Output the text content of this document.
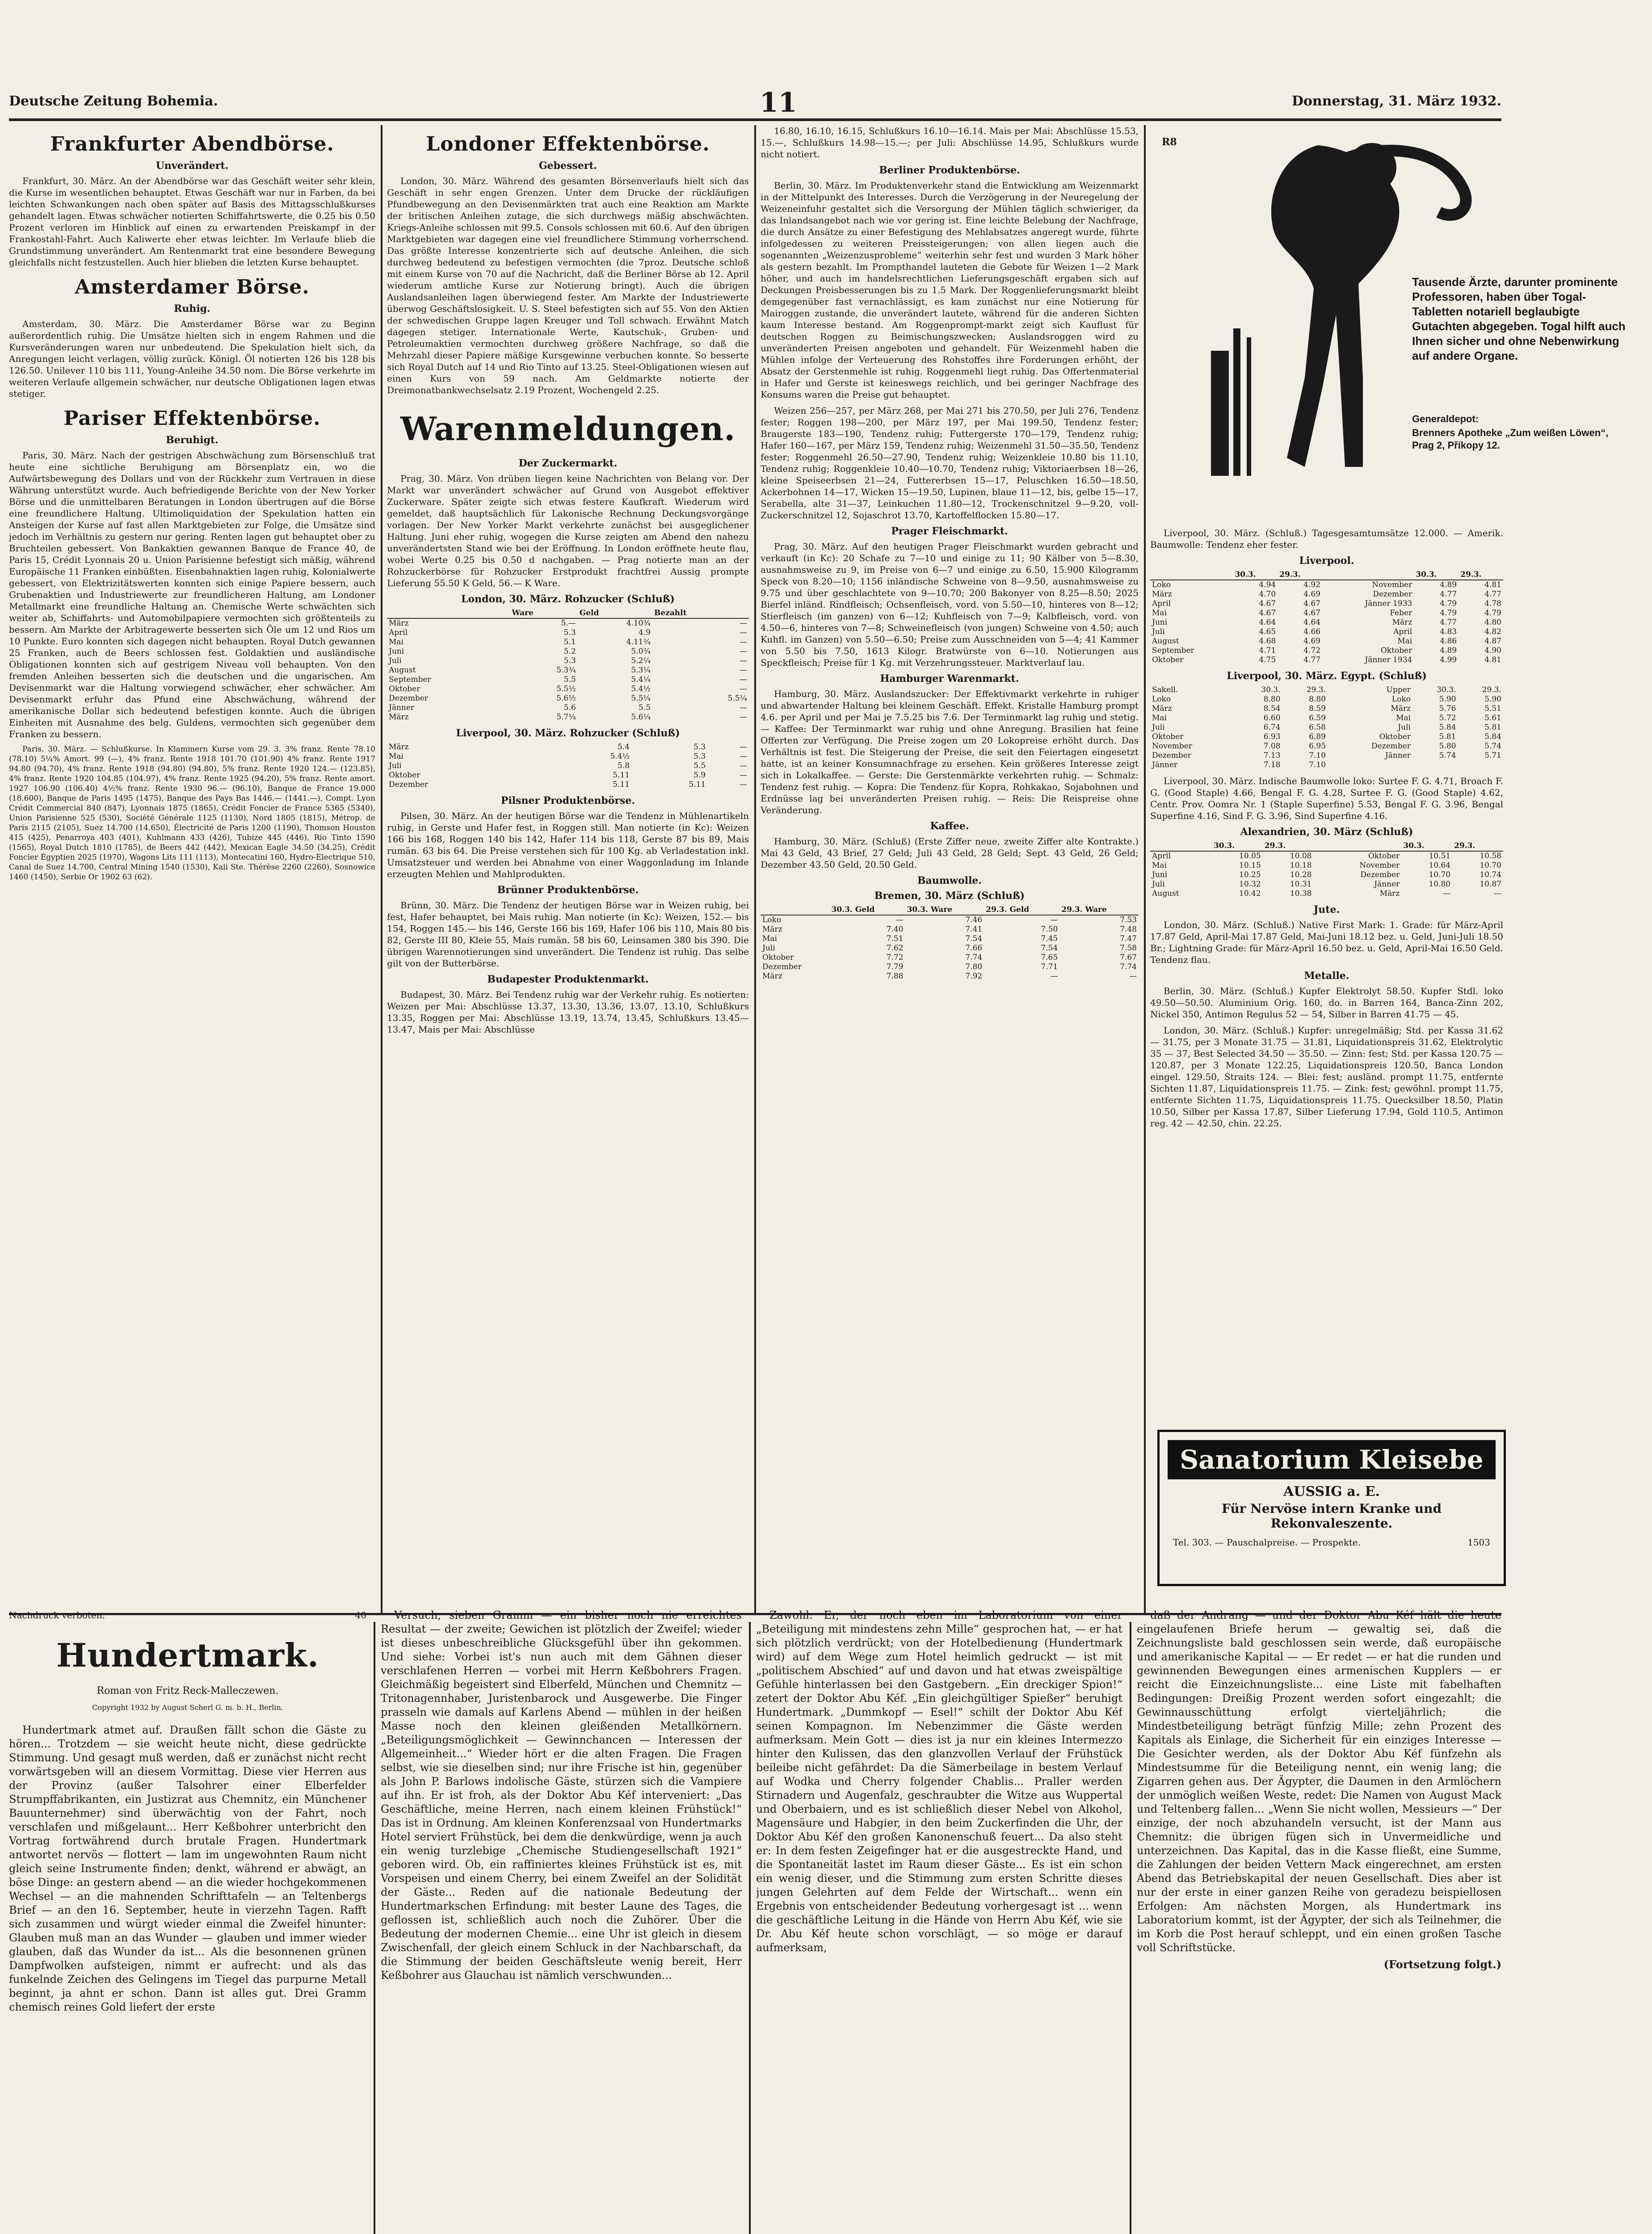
Deutsche Zeitung Bohemia.	11	Donnerstag, 31. März 1932.
Frankfurter Abendbörse.
Unverändert.

Frankfurt, 30. März. An der Abendbörse war das Geschäft weiter sehr klein, die Kurse im wesentlichen behauptet. Etwas Geschäft war nur in Farben, da bei leichten Schwankungen nach oben später auf Basis des Mittagsschlußkurses gehandelt lagen. Etwas schwächer notierten Schiffahrtswerte, die 0.25 bis 0.50 Prozent verloren im Hinblick auf einen zu erwartenden Preiskampf in der Frankostahl-Fahrt. Auch Kaliwerte eher etwas leichter. Im Verlaufe blieb die Grundstimmung unverändert. Am Rentenmarkt trat eine besondere Bewegung gleichfalls nicht festzustellen. Auch hier blieben die letzten Kurse behauptet.

Amsterdamer Börse.
Ruhig.

Amsterdam, 30. März. Die Amsterdamer Börse war zu Beginn außerordentlich ruhig. Die Umsätze hielten sich in engem Rahmen und die Kursveränderungen waren nur unbedeutend. Die Spekulation hielt sich, da Anregungen leicht verlagen, völlig zurück. Königl. Öl notierten 126 bis 128 bis 126.50. Unilever 110 bis 111, Young-Anleihe 34.50 nom. Die Börse verkehrte im weiteren Verlaufe allgemein schwächer, nur deutsche Obligationen lagen etwas stetiger.

Pariser Effektenbörse.
Beruhigt.

Paris, 30. März. Nach der gestrigen Abschwächung zum Börsenschluß trat heute eine sichtliche Beruhigung am Börsenplatz ein, wo die Aufwärtsbewegung des Dollars und von der Rückkehr zum Vertrauen in diese Währung unterstützt wurde. Auch befriedigende Berichte von der New Yorker Börse und die unmittelbaren Beratungen in London übertrugen auf die Börse eine freundlichere Haltung. Ultimoliquidation der Spekulation hatten ein Ansteigen der Kurse auf fast allen Marktgebieten zur Folge, die Umsätze sind jedoch im Verhältnis zu gestern nur gering. Renten lagen gut behauptet ober zu Bruchteilen gebessert. Von Bankaktien gewannen Banque de France 40, de Paris 15, Crédit Lyonnais 20 u. Union Parisienne befestigt sich mäßig, während Europäische 11 Franken einbüßten. Eisenbahnaktien lagen ruhig, Kolonialwerte gebessert, von Elektrizitätswerten konnten sich einige Papiere bessern, auch Grubenaktien und Industriewerte zur freundlicheren Haltung, am Londoner Metallmarkt eine freundliche Haltung an. Chemische Werte schwächten sich weiter ab, Schiffahrts- und Automobilpapiere vermochten sich größtenteils zu bessern. Am Markte der Arbitragewerte besserten sich Öle um 12 und Rios um 10 Punkte. Euro konnten sich dagegen nicht behaupten. Royal Dutch gewannen 25 Franken, auch de Beers schlossen fest. Goldaktien und ausländische Obligationen konnten sich auf gestrigem Niveau voll behaupten. Von den fremden Anleihen besserten sich die deutschen und die ungarischen. Am Devisenmarkt war die Haltung vorwiegend schwächer, eher schwächer. Am Devisenmarkt erfuhr das Pfund eine Abschwächung, während der amerikanische Dollar sich bedeutend befestigen konnte. Auch die übrigen Einheiten mit Ausnahme des belg. Guldens, vermochten sich gegenüber dem Franken zu bessern.

Paris, 30. März. — Schlußkurse. In Klammern Kurse vom 29. 3. 3% franz. Rente 78.10 (78.10) 5¼% Amort. 99 (—), 4% franz. Rente 1918 101.70 (101.90) 4% franz. Rente 1917 94.80 (94.70), 4% franz. Rente 1918 (94.80) (94.80), 5% franz. Rente 1920 124.— (123.85), 4% franz. Rente 1920 104.85 (104.97), 4% franz. Rente 1925 (94.20), 5% franz. Rente amort. 1927 106.90 (106.40) 4½% franz. Rente 1930 96.— (96.10), Banque de France 19.000 (18.600), Banque de Paris 1495 (1475), Banque des Pays Bas 1446.— (1441.—), Compt. Lyon Crédit Commercial 840 (847), Lyonnais 1875 (1865), Crédit Foncier de France 5365 (5340), Union Parisienne 525 (530), Société Générale 1125 (1130), Nord 1805 (1815), Métrop. de Paris 2115 (2105), Suez 14.700 (14.650), Électricité de Paris 1200 (1190), Thomson Houston 415 (425), Penarroya 403 (401), Kuhlmann 433 (426), Tubize 445 (446), Rio Tinto 1590 (1565), Royal Dutch 1810 (1785), de Beers 442 (442), Mexican Eagle 34.50 (34.25), Crédit Foncier Égyptien 2025 (1970), Wagons Lits 111 (113), Montecatini 160, Hydro-Electrique 510, Canal de Suez 14.700, Central Mining 1540 (1530), Kali Ste. Thérèse 2260 (2260), Sosnowice 1460 (1450), Serbie Or 1902 63 (62).

Londoner Effektenbörse.
Gebessert.

London, 30. März. Während des gesamten Börsenverlaufs hielt sich das Geschäft in sehr engen Grenzen. Unter dem Drucke der rückläufigen Pfundbewegung an den Devisenmärkten trat auch eine Reaktion am Markte der britischen Anleihen zutage, die sich durchwegs mäßig abschwächten. Kriegs-Anleihe schlossen mit 99.5. Consols schlossen mit 60.6. Auf den übrigen Marktgebieten war dagegen eine viel freundlichere Stimmung vorherrschend. Das größte Interesse konzentrierte sich auf deutsche Anleihen, die sich durchweg bedeutend zu befestigen vermochten (die 7proz. Deutsche schloß mit einem Kurse von 70 auf die Nachricht, daß die Berliner Börse ab 12. April wiederum amtliche Kurse zur Notierung bringt). Auch die übrigen Auslandsanleihen lagen überwiegend fester. Am Markte der Industriewerte überwog Geschäftslosigkeit. U. S. Steel befestigten sich auf 55. Von den Aktien der schwedischen Gruppe lagen Kreuger und Toll schwach. Erwähnt Match dagegen stetiger. Internationale Werte, Kautschuk-, Gruben- und Petroleumaktien vermochten durchweg größere Nachfrage, so daß die Mehrzahl dieser Papiere mäßige Kursgewinne verbuchen konnte. So besserte sich Royal Dutch auf 14 und Rio Tinto auf 13.25. Steel-Obligationen wiesen auf einen Kurs von 59 nach. Am Geldmarkte notierte der Dreimonatbankwechselsatz 2.19 Prozent, Wochengeld 2.25.

Warenmeldungen.
Der Zuckermarkt.

Prag, 30. März. Von drüben liegen keine Nachrichten von Belang vor. Der Markt war unverändert schwächer auf Grund von Ausgebot effektiver Zuckerware. Später zeigte sich etwas festere Kaufkraft. Wiederum wird gemeldet, daß hauptsächlich für Lakonische Rechnung Deckungsvorgänge vorlagen. Der New Yorker Markt verkehrte zunächst bei ausgeglichener Haltung. Juni eher ruhig, wogegen die Kurse zeigten am Abend den nahezu unverändertsten Stand wie bei der Eröffnung. In London eröffnete heute flau, wobei Werte 0.25 bis 0.50 d nachgaben. — Prag notierte man an der Rohzuckerbörse für Rohzucker Erstprodukt frachtfrei Aussig prompte Lieferung 55.50 K Geld, 56.— K Ware.

London, 30. März. Rohzucker (Schluß)
	Ware	Geld	Bezahlt
März	5.—	4.10¾	—
April	5.3	4.9	—
Mai	5.1	4.11¾	—
Juni	5.2	5.0¾	—
Juli	5.3	5.2¼	—
August	5.3¾	5.3¼	—
September	5.5	5.4¼	—
Oktober	5.5½	5.4½	—
Dezember	5.6½	5.5¼	5.5¼
Jänner	5.6	5.5	—
März	5.7¼	5.6¼	—
Liverpool, 30. März. Rohzucker (Schluß)
März	5.4	5.3	—
Mai	5.4½	5.3	—
Juli	5.8	5.5	—
Oktober	5.11	5.9	—
Dezember	5.11	5.11	—
Pilsner Produktenbörse.

Pilsen, 30. März. An der heutigen Börse war die Tendenz in Mühlenartikeln ruhig, in Gerste und Hafer fest, in Roggen still. Man notierte (in Kc): Weizen 166 bis 168, Roggen 140 bis 142, Hafer 114 bis 118, Gerste 87 bis 89, Mais rumän. 63 bis 64. Die Preise verstehen sich für 100 Kg. ab Verladestation inkl. Umsatzsteuer und werden bei Abnahme von einer Waggonladung im Inlande erzeugten Mehlen und Mahlprodukten.

Brünner Produktenbörse.

Brünn, 30. März. Die Tendenz der heutigen Börse war in Weizen ruhig, bei fest, Hafer behauptet, bei Mais ruhig. Man notierte (in Kc): Weizen, 152.— bis 154, Roggen 145.— bis 146, Gerste 166 bis 169, Hafer 106 bis 110, Mais 80 bis 82, Gerste III 80, Kleie 55, Mais rumän. 58 bis 60, Leinsamen 380 bis 390. Die übrigen Warennotierungen sind unverändert. Die Tendenz ist ruhig. Das selbe gilt von der Butterbörse.

Budapester Produktenmarkt.

Budapest, 30. März. Bei Tendenz ruhig war der Verkehr ruhig. Es notierten: Weizen per Mai: Abschlüsse 13.37, 13.30, 13.36, 13.07, 13.10, Schlußkurs 13.35, Roggen per Mai: Abschlüsse 13.19, 13.74, 13.45, Schlußkurs 13.45—13.47, Mais per Mai: Abschlüsse

16.80, 16.10, 16.15, Schlußkurs 16.10—16.14. Mais per Mai: Abschlüsse 15.53, 15.—, Schlußkurs 14.98—15.—; per Juli: Abschlüsse 14.95, Schlußkurs wurde nicht notiert.

Berliner Produktenbörse.

Berlin, 30. März. Im Produktenverkehr stand die Entwicklung am Weizenmarkt in der Mittelpunkt des Interesses. Durch die Verzögerung in der Neuregelung der Weizeneinfuhr gestaltet sich die Versorgung der Mühlen täglich schwieriger, da das Inlandsangebot nach wie vor gering ist. Eine leichte Belebung der Nachfrage, die durch Ansätze zu einer Befestigung des Mehlabsatzes angeregt wurde, führte infolgedessen zu weiteren Preissteigerungen; von allen liegen auch die sogenannten „Weizenzusprobleme“ weiterhin sehr fest und wurden 3 Mark höher als gestern bezahlt. Im Prompthandel lauteten die Gebote für Weizen 1—2 Mark höher, und auch im handelsrechtlichen Lieferungsgeschäft ergaben sich auf Deckungen Preisbesserungen bis zu 1.5 Mark. Der Roggenlieferungsmarkt bleibt demgegenüber fast vernachlässigt, es kam zunächst nur eine Notierung für Mairoggen zustande, die unverändert lautete, während für die anderen Sichten kaum Interesse bestand. Am Roggenprompt-markt zeigt sich Kauflust für deutschen Roggen zu Beimischungszwecken; Auslandsroggen wird zu unveränderten Preisen angeboten und gehandelt. Für Weizenmehl haben die Mühlen infolge der Verteuerung des Rohstoffes ihre Forderungen erhöht, der Absatz der Gerstenmehle ist ruhig. Roggenmehl liegt ruhig. Das Offertenmaterial in Hafer und Gerste ist keineswegs reichlich, und bei geringer Nachfrage des Konsums waren die Preise gut behauptet.

Weizen 256—257, per März 268, per Mai 271 bis 270.50, per Juli 276, Tendenz fester; Roggen 198—200, per März 197, per Mai 199.50, Tendenz fester; Braugerste 183—190, Tendenz ruhig; Futtergerste 170—179, Tendenz ruhig; Hafer 160—167, per März 159, Tendenz ruhig; Weizenmehl 31.50—35.50, Tendenz fester; Roggenmehl 26.50—27.90, Tendenz ruhig; Weizenkleie 10.80 bis 11.10, Tendenz ruhig; Roggenkleie 10.40—10.70, Tendenz ruhig; Viktoriaerbsen 18—26, kleine Speiseerbsen 21—24, Futtererbsen 15—17, Peluschken 16.50—18.50, Ackerbohnen 14—17, Wicken 15—19.50, Lupinen, blaue 11—12, bis, gelbe 15—17, Serabella, alte 31—37, Leinkuchen 11.80—12, Trockenschnitzel 9—9.20, voll- Zuckerschnitzel 12, Sojaschrot 13.70, Kartoffelflocken 15.80—17.

Prager Fleischmarkt.

Prag, 30. März. Auf den heutigen Prager Fleischmarkt wurden gebracht und verkauft (in Kc): 20 Schafe zu 7—10 und einige zu 11; 90 Kälber von 5—8.30, ausnahmsweise zu 9, im Preise von 6—7 und einige zu 6.50, 15.900 Kilogramm Speck von 8.20—10; 1156 inländische Schweine von 8—9.50, ausnahmsweise zu 9.75 und über geschlachtete von 9—10.70; 200 Bakonyer von 8.25—8.50; 2025 Bierfel inländ. Rindfleisch; Ochsenfleisch, vord. von 5.50—10, hinteres von 8—12; Stierfleisch (im ganzen) von 6—12; Kuhfleisch von 7—9; Kalbfleisch, vord. von 4.50—6, hinteres von 7—8; Schweinefleisch (von jungen) Schweine von 4.50; auch Kuhfl. im Ganzen) von 5.50—6.50; Preise zum Ausschneiden von 5—4; 41 Kammer von 5.50 bis 7.50, 1613 Kilogr. Bratwürste von 6—10. Notierungen aus Speckfleisch; Preise für 1 Kg. mit Verzehrungssteuer. Marktverlauf lau.

Hamburger Warenmarkt.

Hamburg, 30. März. Auslandszucker: Der Effektivmarkt verkehrte in ruhiger und abwartender Haltung bei kleinem Geschäft. Effekt. Kristalle Hamburg prompt 4.6. per April und per Mai je 7.5.25 bis 7.6. Der Terminmarkt lag ruhig und stetig. — Kaffee: Der Terminmarkt war ruhig und ohne Anregung. Brasilien hat feine Offerten zur Verfügung. Die Preise zogen um 20 Lokopreise erhöht durch. Das Verhältnis ist fest. Die Steigerung der Preise, die seit den Feiertagen eingesetzt hatte, ist an keiner Konsumnachfrage zu ersehen. Kein größeres Interesse zeigt sich in Lokalkaffee. — Gerste: Die Gerstenmärkte verkehrten ruhig. — Schmalz: Tendenz fest ruhig. — Kopra: Die Tendenz für Kopra, Rohkakao, Sojabohnen und Erdnüsse lag bei unveränderten Preisen ruhig. — Reis: Die Reispreise ohne Veränderung.

Kaffee.

Hamburg, 30. März. (Schluß) (Erste Ziffer neue, zweite Ziffer alte Kontrakte.) Mai 43 Geld, 43 Brief, 27 Geld; Juli 43 Geld, 28 Geld; Sept. 43 Geld, 26 Geld; Dezember 43.50 Geld, 20.50 Geld.

Baumwolle.
Bremen, 30. März (Schluß)
	30.3. Geld	30.3. Ware	29.3. Geld	29.3. Ware
Loko	—	7.46	—	7.53
März	7.40	7.41	7.50	7.48
Mai	7.51	7.54	7.45	7.47
Juli	7.62	7.66	7.54	7.58
Oktober	7.72	7.74	7.65	7.67
Dezember	7.79	7.80	7.71	7.74
März	7.88	7.92	—	—
R8
Tausende Ärzte, darunter prominente Professoren, haben über Togal-Tabletten notariell beglaubigte Gutachten abgegeben. Togal hilft auch Ihnen sicher und ohne Nebenwirkung auf andere Organe.
Generaldepot:
Brenners Apotheke „Zum weißen Löwen“, Prag 2, Příkopy 12.

Liverpool, 30. März. (Schluß.) Tagesgesamtumsätze 12.000. — Amerik. Baumwolle: Tendenz eher fester.

Liverpool.
	30.3.	29.3.		30.3.	29.3.
Loko	4.94	4.92	November	4.89	4.81
März	4.70	4.69	Dezember	4.77	4.77
April	4.67	4.67	Jänner 1933	4.79	4.78
Mai	4.67	4.67	Feber	4.79	4.79
Juni	4.64	4.64	März	4.77	4.80
Juli	4.65	4.66	April	4.83	4.82
August	4.68	4.69	Mai	4.86	4.87
September	4.71	4.72	Oktober	4.89	4.90
Oktober	4.75	4.77	Jänner 1934	4.99	4.81
Liverpool, 30. März. Egypt. (Schluß)
Sakell.	30.3.	29.3.	Upper	30.3.	29.3.
Loko	8.80	8.80	Loko	5.90	5.90
März	8.54	8.59	März	5.76	5.51
Mai	6.60	6.59	Mai	5.72	5.61
Juli	6.74	6.58	Juli	5.84	5.81
Oktober	6.93	6.89	Oktober	5.81	5.84
November	7.08	6.95	Dezember	5.80	5.74
Dezember	7.13	7.10	Jänner	5.74	5.71
Jänner	7.18	7.10			

Liverpool, 30. März. Indische Baumwolle loko: Surtee F. G. 4.71, Broach F. G. (Good Staple) 4.66, Bengal F. G. 4.28, Surtee F. G. (Good Staple) 4.62, Centr. Prov. Oomra Nr. 1 (Staple Superfine) 5.53, Bengal F. G. 3.96, Bengal Superfine 4.16, Sind F. G. 3.96, Sind Superfine 4.16.

Alexandrien, 30. März (Schluß)
	30.3.	29.3.		30.3.	29.3.
April	10.05	10.08	Oktober	10.51	10.58
Mai	10.15	10.18	November	10.64	10.70
Juni	10.25	10.28	Dezember	10.70	10.74
Juli	10.32	10.31	Jänner	10.80	10.87
August	10.42	10.38	März	—	—
Jute.

London, 30. März. (Schluß.) Native First Mark: 1. Grade: für März-April 17.87 Geld, April-Mai 17.87 Geld, Mai-Juni 18.12 bez. u. Geld, Juni-Juli 18.50 Br.; Lightning Grade: für März-April 16.50 bez. u. Geld, April-Mai 16.50 Geld. Tendenz flau.

Metalle.

Berlin, 30. März. (Schluß.) Kupfer Elektrolyt 58.50. Kupfer Stdl. loko 49.50—50.50. Aluminium Orig. 160, do. in Barren 164, Banca-Zinn 202, Nickel 350, Antimon Regulus 52 — 54, Silber in Barren 41.75 — 45.

London, 30. März. (Schluß.) Kupfer: unregelmäßig; Std. per Kassa 31.62 — 31.75, per 3 Monate 31.75 — 31.81, Liquidationspreis 31.62, Elektrolytic 35 — 37, Best Selected 34.50 — 35.50. — Zinn: fest; Std. per Kassa 120.75 — 120.87, per 3 Monate 122.25, Liquidationspreis 120.50, Banca London eingel. 129.50, Straits 124. — Blei: fest; ausländ. prompt 11.75, entfernte Sichten 11.87, Liquidationspreis 11.75. — Zink: fest; gewöhnl. prompt 11.75, entfernte Sichten 11.75, Liquidationspreis 11.75. Quecksilber 18.50, Platin 10.50, Silber per Kassa 17.87, Silber Lieferung 17.94, Gold 110.5, Antimon reg. 42 — 42.50, chin. 22.25.

Sanatorium Kleisebe
AUSSIG a. E.
Für Nervöse intern Kranke und Rekonvaleszente.
Tel. 303. — Pauschalpreise. — Prospekte.	1503
Nachdruck verboten.	40
Hundertmark.
Roman von Fritz Reck-Malleczewen.
Copyright 1932 by August Scherl G. m. b. H., Berlin.

Hundertmark atmet auf. Draußen fällt schon die Gäste zu hören... Trotzdem — sie weicht heute nicht, diese gedrückte Stimmung. Und gesagt muß werden, daß er zunächst nicht recht vorwärtsgeben will an diesem Vormittag. Diese vier Herren aus der Provinz (außer Talsohrer einer Elberfelder Strumpffabrikanten, ein Justizrat aus Chemnitz, ein Münchener Bauunternehmer) sind überwächtig von der Fahrt, noch verschlafen und mißgelaunt... Herr Keßbohrer unterbricht den Vortrag fortwährend durch brutale Fragen. Hundertmark antwortet nervös — flottert — lam im ungewohnten Raum nicht gleich seine Instrumente finden; denkt, während er abwägt, an böse Dinge: an gestern abend — an die wieder hochgekommenen Wechsel — an die mahnenden Schrifttafeln — an Teltenbergs Brief — an den 16. September, heute in vierzehn Tagen. Rafft sich zusammen und würgt wieder einmal die Zweifel hinunter: Glauben muß man an das Wunder — glauben und immer wieder glauben, daß das Wunder da ist... Als die besonnenen grünen Dampfwolken aufsteigen, nimmt er aufrecht: und als das funkelnde Zeichen des Gelingens im Tiegel das purpurne Metall beginnt, ja ahnt er schon. Dann ist alles gut. Drei Gramm chemisch reines Gold liefert der erste

Versuch, sieben Gramm — ein bisher noch nie erreichtes Resultat — der zweite; Gewichen ist plötzlich der Zweifel; wieder ist dieses unbeschreibliche Glücksgefühl über ihn gekommen. Und siehe: Vorbei ist's nun auch mit dem Gähnen dieser verschlafenen Herren — vorbei mit Herrn Keßbohrers Fragen. Gleichmäßig begeistert sind Elberfeld, München und Chemnitz — Tritonagennhaber, Juristenbarock und Ausgewerbe. Die Finger prasseln wie damals auf Karlens Abend — mühlen in der heißen Masse noch den kleinen gleißenden Metallkörnern. „Beteiligungsmöglichkeit — Gewinnchancen — Interessen der Allgemeinheit...“ Wieder hört er die alten Fragen. Die Fragen selbst, wie sie dieselben sind; nur ihre Frische ist hin, gegenüber als John P. Barlows indolische Gäste, stürzen sich die Vampiere auf ihn. Er ist froh, als der Doktor Abu Kéf interveniert: „Das Geschäftliche, meine Herren, nach einem kleinen Frühstück!“ Das ist in Ordnung. Am kleinen Konferenzsaal von Hundertmarks Hotel serviert Frühstück, bei dem die denkwürdige, wenn ja auch ein wenig turzlebige „Chemische Studiengesellschaft 1921“ geboren wird. Ob, ein raffiniertes kleines Frühstück ist es, mit Vorspeisen und einem Cherry, bei einem Zweifel an der Solidität der Gäste... Reden auf die nationale Bedeutung der Hundertmarkschen Erfindung: mit bester Laune des Tages, die geflossen ist, schließlich auch noch die Zuhörer. Über die Bedeutung der modernen Chemie... eine Uhr ist gleich in diesem Zwischenfall, der gleich einem Schluck in der Nachbarschaft, da die Stimmung der beiden Geschäftsleute wenig bereit, Herr Keßbohrer aus Glauchau ist nämlich verschwunden...

Zawohl: Er, der noch eben im Laboratorium von einer „Beteiligung mit mindestens zehn Mille“ gesprochen hat, — er hat sich plötzlich verdrückt; von der Hotelbedienung (Hundertmark wird) auf dem Wege zum Hotel heimlich gedruckt — ist mit „politischem Abschied“ auf und davon und hat etwas zweispältige Gefühle hinterlassen bei den Gastgebern. „Ein dreckiger Spion!“ zetert der Doktor Abu Kéf. „Ein gleichgültiger Spießer“ beruhigt Hundertmark. „Dummkopf — Esel!“ schilt der Doktor Abu Kéf seinen Kompagnon. Im Nebenzimmer die Gäste werden aufmerksam. Mein Gott — dies ist ja nur ein kleines Intermezzo hinter den Kulissen, das den glanzvollen Verlauf der Frühstück beileibe nicht gefährdet: Da die Sämerbeilage in bestem Verlauf auf Wodka und Cherry folgender Chablis... Praller werden Stirnadern und Augenfalz, geschraubter die Witze aus Wuppertal und Oberbaiern, und es ist schließlich dieser Nebel von Alkohol, Magensäure und Habgier, in den beim Zuckerfinden die Uhr, der Doktor Abu Kéf den großen Kanonenschuß feuert... Da also steht er: In dem festen Zeigefinger hat er die ausgestreckte Hand, und die Spontaneität lastet im Raum dieser Gäste... Es ist ein schon ein wenig dieser, und die Stimmung zum ersten Schritte dieses jungen Gelehrten auf dem Felde der Wirtschaft... wenn ein Ergebnis von entscheidender Bedeutung vorhergesagt ist ... wenn die geschäftliche Leitung in die Hände von Herrn Abu Kéf, wie sie Dr. Abu Kéf heute schon vorschlägt, — so möge er darauf aufmerksam,

daß der Andrang — und der Doktor Abu Kéf hält die heute eingelaufenen Briefe herum — gewaltig sei, daß die Zeichnungsliste bald geschlossen sein werde, daß europäische und amerikanische Kapital — — Er redet — er hat die runden und gewinnenden Bewegungen eines armenischen Kupplers — er reicht die Einzeichnungsliste... eine Liste mit fabelhaften Bedingungen: Dreißig Prozent werden sofort eingezahlt; die Gewinnausschüttung erfolgt vierteljährlich; die Mindestbeteiligung beträgt fünfzig Mille; zehn Prozent des Kapitals als Einlage, die Sicherheit für ein einziges Interesse — Die Gesichter werden, als der Doktor Abu Kéf fünfzehn als Mindestsumme für die Beteiligung nennt, ein wenig lang; die Zigarren gehen aus. Der Ägypter, die Daumen in den Armlöchern der unmöglich weißen Weste, redet: Die Namen von August Mack und Teltenberg fallen... „Wenn Sie nicht wollen, Messieurs —“ Der einzige, der noch abzuhandeln versucht, ist der Mann aus Chemnitz: die übrigen fügen sich in Unvermeidliche und unterzeichnen. Das Kapital, das in die Kasse fließt, eine Summe, die Zahlungen der beiden Vettern Mack eingerechnet, am ersten Abend das Betriebskapital der neuen Gesellschaft. Dies aber ist nur der erste in einer ganzen Reihe von geradezu beispiellosen Erfolgen: Am nächsten Morgen, als Hundertmark ins Laboratorium kommt, ist der Ägypter, der sich als Teilnehmer, die im Korb die Post herauf schleppt, und ein einen großen Tasche voll Schriftstücke.

(Fortsetzung folgt.)
